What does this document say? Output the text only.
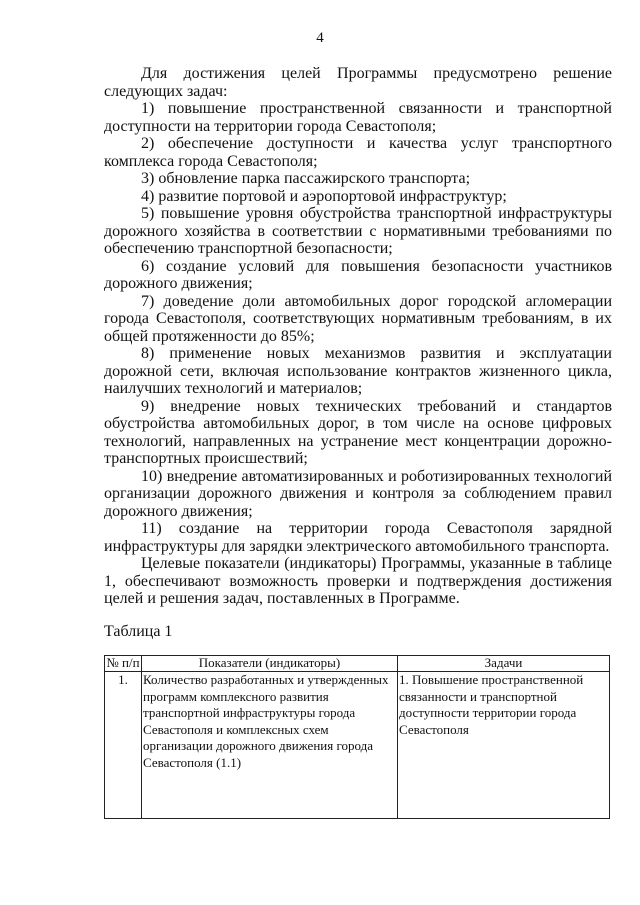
4

Для достижения целей Программы предусмотрено решение следующих задач:

1) повышение пространственной связанности и транспортной доступности на территории города Севастополя;

2) обеспечение доступности и качества услуг транспортного комплекса города Севастополя;

3) обновление парка пассажирского транспорта;

4) развитие портовой и аэропортовой инфраструктур;

5) повышение уровня обустройства транспортной инфраструктуры дорожного хозяйства в соответствии с нормативными требованиями по обеспечению транспортной безопасности;

6) создание условий для повышения безопасности участников дорожного движения;

7) доведение доли автомобильных дорог городской агломерации города Севастополя, соответствующих нормативным требованиям, в их общей протяженности до 85%;

8) применение новых механизмов развития и эксплуатации дорожной сети, включая использование контрактов жизненного цикла, наилучших технологий и материалов;

9) внедрение новых технических требований и стандартов обустройства автомобильных дорог, в том числе на основе цифровых технологий, направленных на устранение мест концентрации дорожно-транспортных происшествий;

10) внедрение автоматизированных и роботизированных технологий организации дорожного движения и контроля за соблюдением правил дорожного движения;

11) создание на территории города Севастополя зарядной инфраструктуры для зарядки электрического автомобильного транспорта.

Целевые показатели (индикаторы) Программы, указанные в таблице 1, обеспечивают возможность проверки и подтверждения достижения целей и решения задач, поставленных в Программе.

Таблица 1
№ п/п	Показатели (индикаторы)	Задачи
1.	Количество разработанных и утвержденных программ комплексного развития транспортной инфраструктуры города Севастополя и комплексных схем организации дорожного движения города Севастополя (1.1)	1. Повышение пространственной связанности и транспортной доступности территории города Севастополя
